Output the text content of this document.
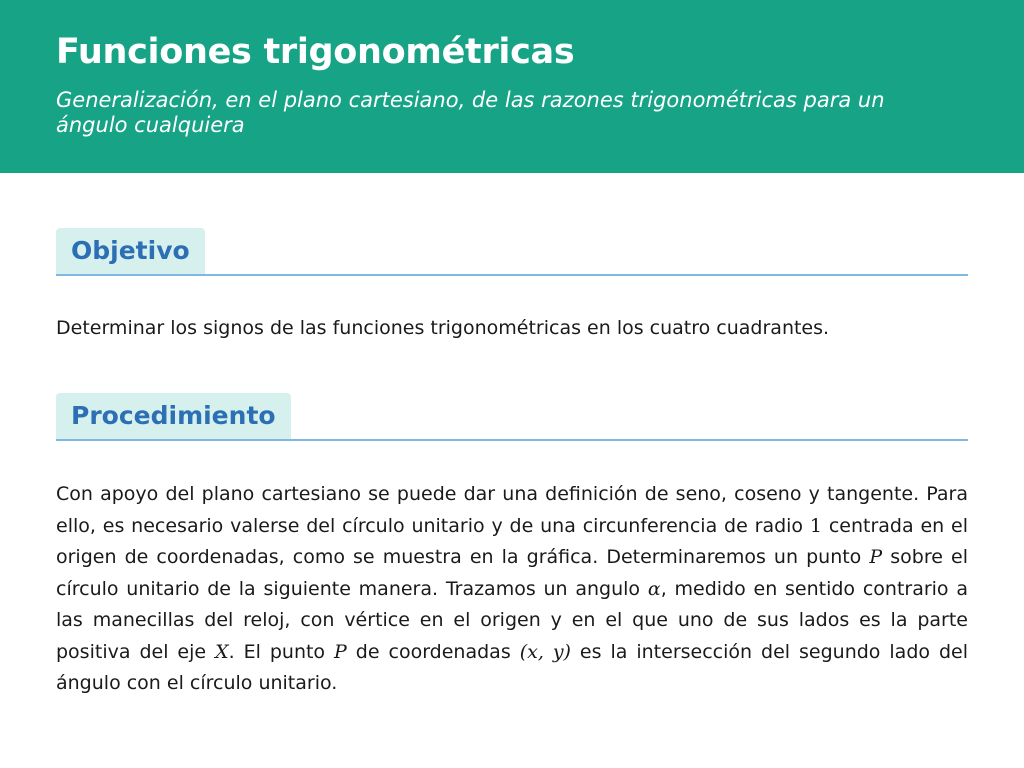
Funciones trigonométricas

Generalización, en el plano cartesiano, de las razones trigonométricas para un ángulo cualquiera

Objetivo

Determinar los signos de las funciones trigonométricas en los cuatro cuadrantes.

Procedimiento

Con apoyo del plano cartesiano se puede dar una definición de seno, coseno y tangente. Para ello, es necesario valerse del círculo unitario y de una circunferencia de radio 1 centrada en el origen de coordenadas, como se muestra en la gráfica. Determinaremos un punto P sobre el círculo unitario de la siguiente manera. Trazamos un angulo α, medido en sentido contrario a las manecillas del reloj, con vértice en el origen y en el que uno de sus lados es la parte positiva del eje X. El punto P de coordenadas (x, y) es la intersección del segundo lado del ángulo con el círculo unitario.
